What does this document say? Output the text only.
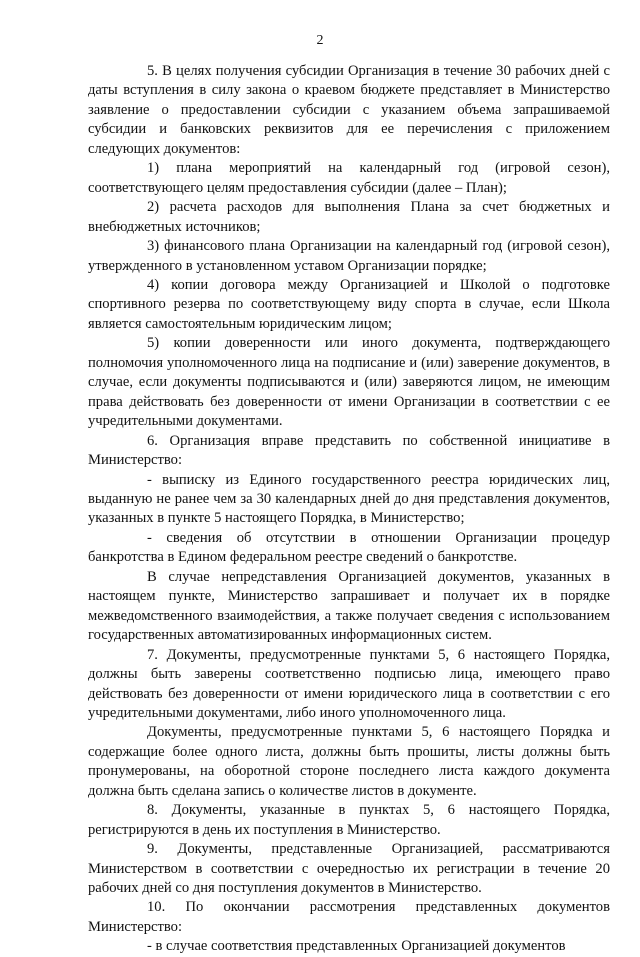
2

5. В целях получения субсидии Организация в течение 30 рабочих дней с даты вступления в силу закона о краевом бюджете представляет в Министерство заявление о предоставлении субсидии с указанием объема запрашиваемой субсидии и банковских реквизитов для ее перечисления с приложением следующих документов:

1) плана мероприятий на календарный год (игровой сезон), соответствующего целям предоставления субсидии (далее – План);

2) расчета расходов для выполнения Плана за счет бюджетных и внебюджетных источников;

3) финансового плана Организации на календарный год (игровой сезон), утвержденного в установленном уставом Организации порядке;

4) копии договора между Организацией и Школой о подготовке спортивного резерва по соответствующему виду спорта в случае, если Школа является самостоятельным юридическим лицом;

5) копии доверенности или иного документа, подтверждающего полномочия уполномоченного лица на подписание и (или) заверение документов, в случае, если документы подписываются и (или) заверяются лицом, не имеющим права действовать без доверенности от имени Организации в соответствии с ее учредительными документами.

6. Организация вправе представить по собственной инициативе в Министерство:

- выписку из Единого государственного реестра юридических лиц, выданную не ранее чем за 30 календарных дней до дня представления документов, указанных в пункте 5 настоящего Порядка, в Министерство;

- сведения об отсутствии в отношении Организации процедур банкротства в Едином федеральном реестре сведений о банкротстве.

В случае непредставления Организацией документов, указанных в настоящем пункте, Министерство запрашивает и получает их в порядке межведомственного взаимодействия, а также получает сведения с использованием государственных автоматизированных информационных систем.

7. Документы, предусмотренные пунктами 5, 6 настоящего Порядка, должны быть заверены соответственно подписью лица, имеющего право действовать без доверенности от имени юридического лица в соответствии с его учредительными документами, либо иного уполномоченного лица.

Документы, предусмотренные пунктами 5, 6 настоящего Порядка и содержащие более одного листа, должны быть прошиты, листы должны быть пронумерованы, на оборотной стороне последнего листа каждого документа должна быть сделана запись о количестве листов в документе.

8. Документы, указанные в пунктах 5, 6 настоящего Порядка, регистрируются в день их поступления в Министерство.

9. Документы, представленные Организацией, рассматриваются Министерством в соответствии с очередностью их регистрации в течение 20 рабочих дней со дня поступления документов в Министерство.

10. По окончании рассмотрения представленных документов Министерство:

- в случае соответствия представленных Организацией документов
